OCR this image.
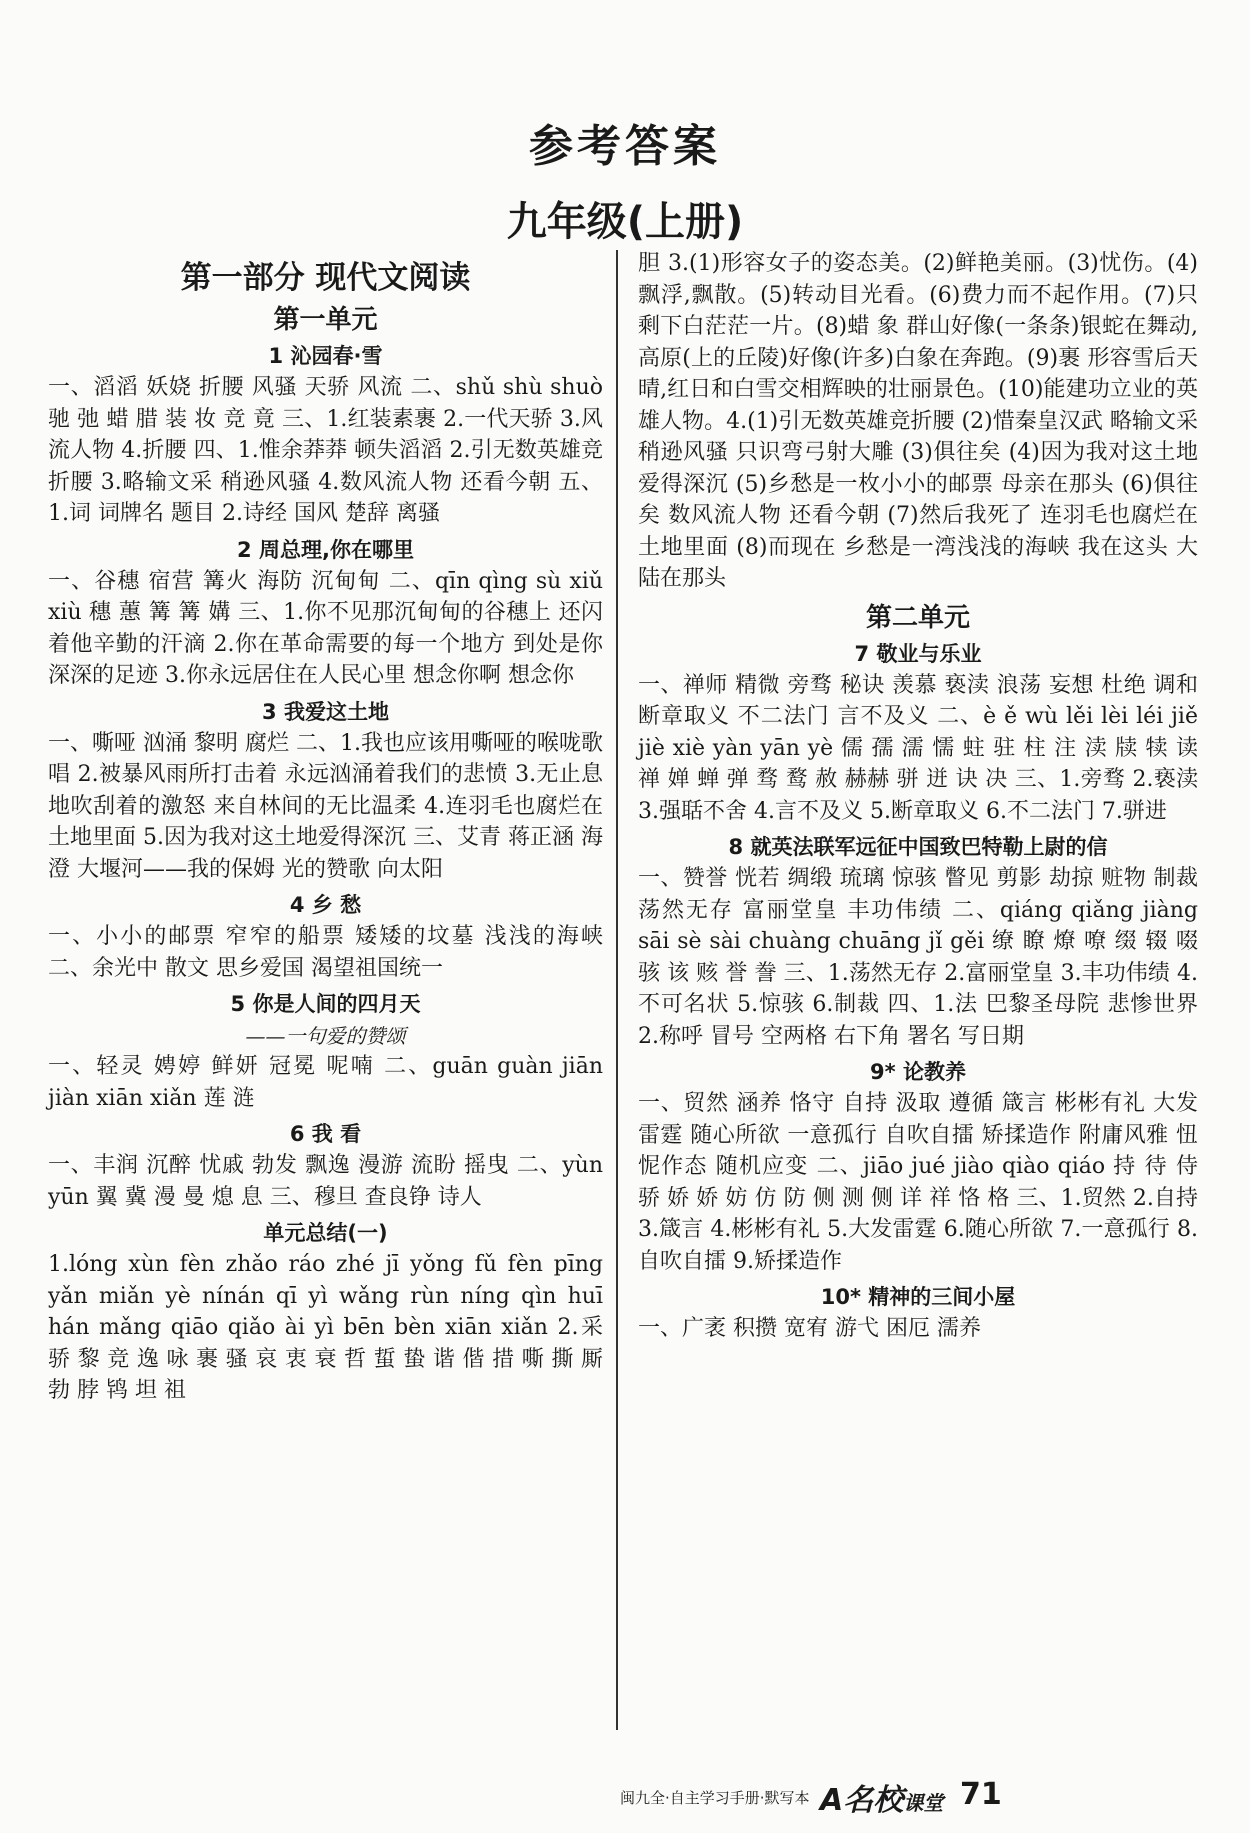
参考答案
九年级(上册)
第一部分 现代文阅读
第一单元
1 沁园春·雪

一、滔滔 妖娆 折腰 风骚 天骄 风流 二、shǔ shù shuò 驰 弛 蜡 腊 装 妆 竞 竟 三、1.红装素裹 2.一代天骄 3.风流人物 4.折腰 四、1.惟余莽莽 顿失滔滔 2.引无数英雄竞折腰 3.略输文采 稍逊风骚 4.数风流人物 还看今朝 五、1.词 词牌名 题目 2.诗经 国风 楚辞 离骚

2 周总理,你在哪里

一、谷穗 宿营 篝火 海防 沉甸甸 二、qīn qìng sù xiǔ xiù 穗 蕙 篝 篝 媾 三、1.你不见那沉甸甸的谷穗上 还闪着他辛勤的汗滴 2.你在革命需要的每一个地方 到处是你深深的足迹 3.你永远居住在人民心里 想念你啊 想念你

3 我爱这土地

一、嘶哑 汹涌 黎明 腐烂 二、1.我也应该用嘶哑的喉咙歌唱 2.被暴风雨所打击着 永远汹涌着我们的悲愤 3.无止息地吹刮着的激怒 来自林间的无比温柔 4.连羽毛也腐烂在土地里面 5.因为我对这土地爱得深沉 三、艾青 蒋正涵 海澄 大堰河——我的保姆 光的赞歌 向太阳

4 乡 愁

一、小小的邮票 窄窄的船票 矮矮的坟墓 浅浅的海峡 二、余光中 散文 思乡爱国 渴望祖国统一

5 你是人间的四月天
——一句爱的赞颂

一、轻灵 娉婷 鲜妍 冠冕 呢喃 二、guān guàn jiān jiàn xiān xiǎn 莲 涟

6 我 看

一、丰润 沉醉 忧戚 勃发 飘逸 漫游 流盼 摇曳 二、yùn yūn 翼 冀 漫 曼 熄 息 三、穆旦 查良铮 诗人

单元总结(一)

1.lóng xùn fèn zhǎo ráo zhé jī yǒng fǔ fèn pīng yǎn miǎn yè nínán qī yì wǎng rùn níng qìn huī hán mǎng qiāo qiǎo ài yì bēn bèn xiān xiǎn 2.采 骄 黎 竞 逸 咏 裹 骚 哀 衷 衰 哲 蜇 蛰 谐 偕 措 嘶 撕 厮 勃 脖 鸨 坦 祖

胆 3.(1)形容女子的姿态美。(2)鲜艳美丽。(3)忧伤。(4)飘浮,飘散。(5)转动目光看。(6)费力而不起作用。(7)只剩下白茫茫一片。(8)蜡 象 群山好像(一条条)银蛇在舞动,高原(上的丘陵)好像(许多)白象在奔跑。(9)裹 形容雪后天晴,红日和白雪交相辉映的壮丽景色。(10)能建功立业的英雄人物。4.(1)引无数英雄竞折腰 (2)惜秦皇汉武 略输文采 稍逊风骚 只识弯弓射大雕 (3)俱往矣 (4)因为我对这土地爱得深沉 (5)乡愁是一枚小小的邮票 母亲在那头 (6)俱往矣 数风流人物 还看今朝 (7)然后我死了 连羽毛也腐烂在土地里面 (8)而现在 乡愁是一湾浅浅的海峡 我在这头 大陆在那头

第二单元
7 敬业与乐业

一、禅师 精微 旁骛 秘诀 羡慕 亵渎 浪荡 妄想 杜绝 调和 断章取义 不二法门 言不及义 二、è ě wù lěi lèi léi jiě jiè xiè yàn yān yè 儒 孺 濡 懦 蛀 驻 柱 注 渎 牍 犊 读 禅 婵 蝉 弹 骛 鹜 赦 赫赫 骈 迸 诀 决 三、1.旁骛 2.亵渎 3.强聒不舍 4.言不及义 5.断章取义 6.不二法门 7.骈进

8 就英法联军远征中国致巴特勒上尉的信

一、赞誉 恍若 绸缎 琉璃 惊骇 瞥见 剪影 劫掠 赃物 制裁 荡然无存 富丽堂皇 丰功伟绩 二、qiáng qiǎng jiàng sāi sè sài chuàng chuāng jǐ gěi 缭 瞭 燎 嘹 缀 辍 啜 骇 该 赅 誉 誊 三、1.荡然无存 2.富丽堂皇 3.丰功伟绩 4.不可名状 5.惊骇 6.制裁 四、1.法 巴黎圣母院 悲惨世界 2.称呼 冒号 空两格 右下角 署名 写日期

9* 论教养

一、贸然 涵养 恪守 自持 汲取 遵循 箴言 彬彬有礼 大发雷霆 随心所欲 一意孤行 自吹自擂 矫揉造作 附庸风雅 忸怩作态 随机应变 二、jiāo jué jiào qiào qiáo 持 待 侍 骄 娇 娇 妨 仿 防 侧 测 侧 详 祥 恪 格 三、1.贸然 2.自持 3.箴言 4.彬彬有礼 5.大发雷霆 6.随心所欲 7.一意孤行 8.自吹自擂 9.矫揉造作

10* 精神的三间小屋

一、广袤 积攒 宽宥 游弋 困厄 濡养

闽九全·自主学习手册·默写本 A名校课堂 71
